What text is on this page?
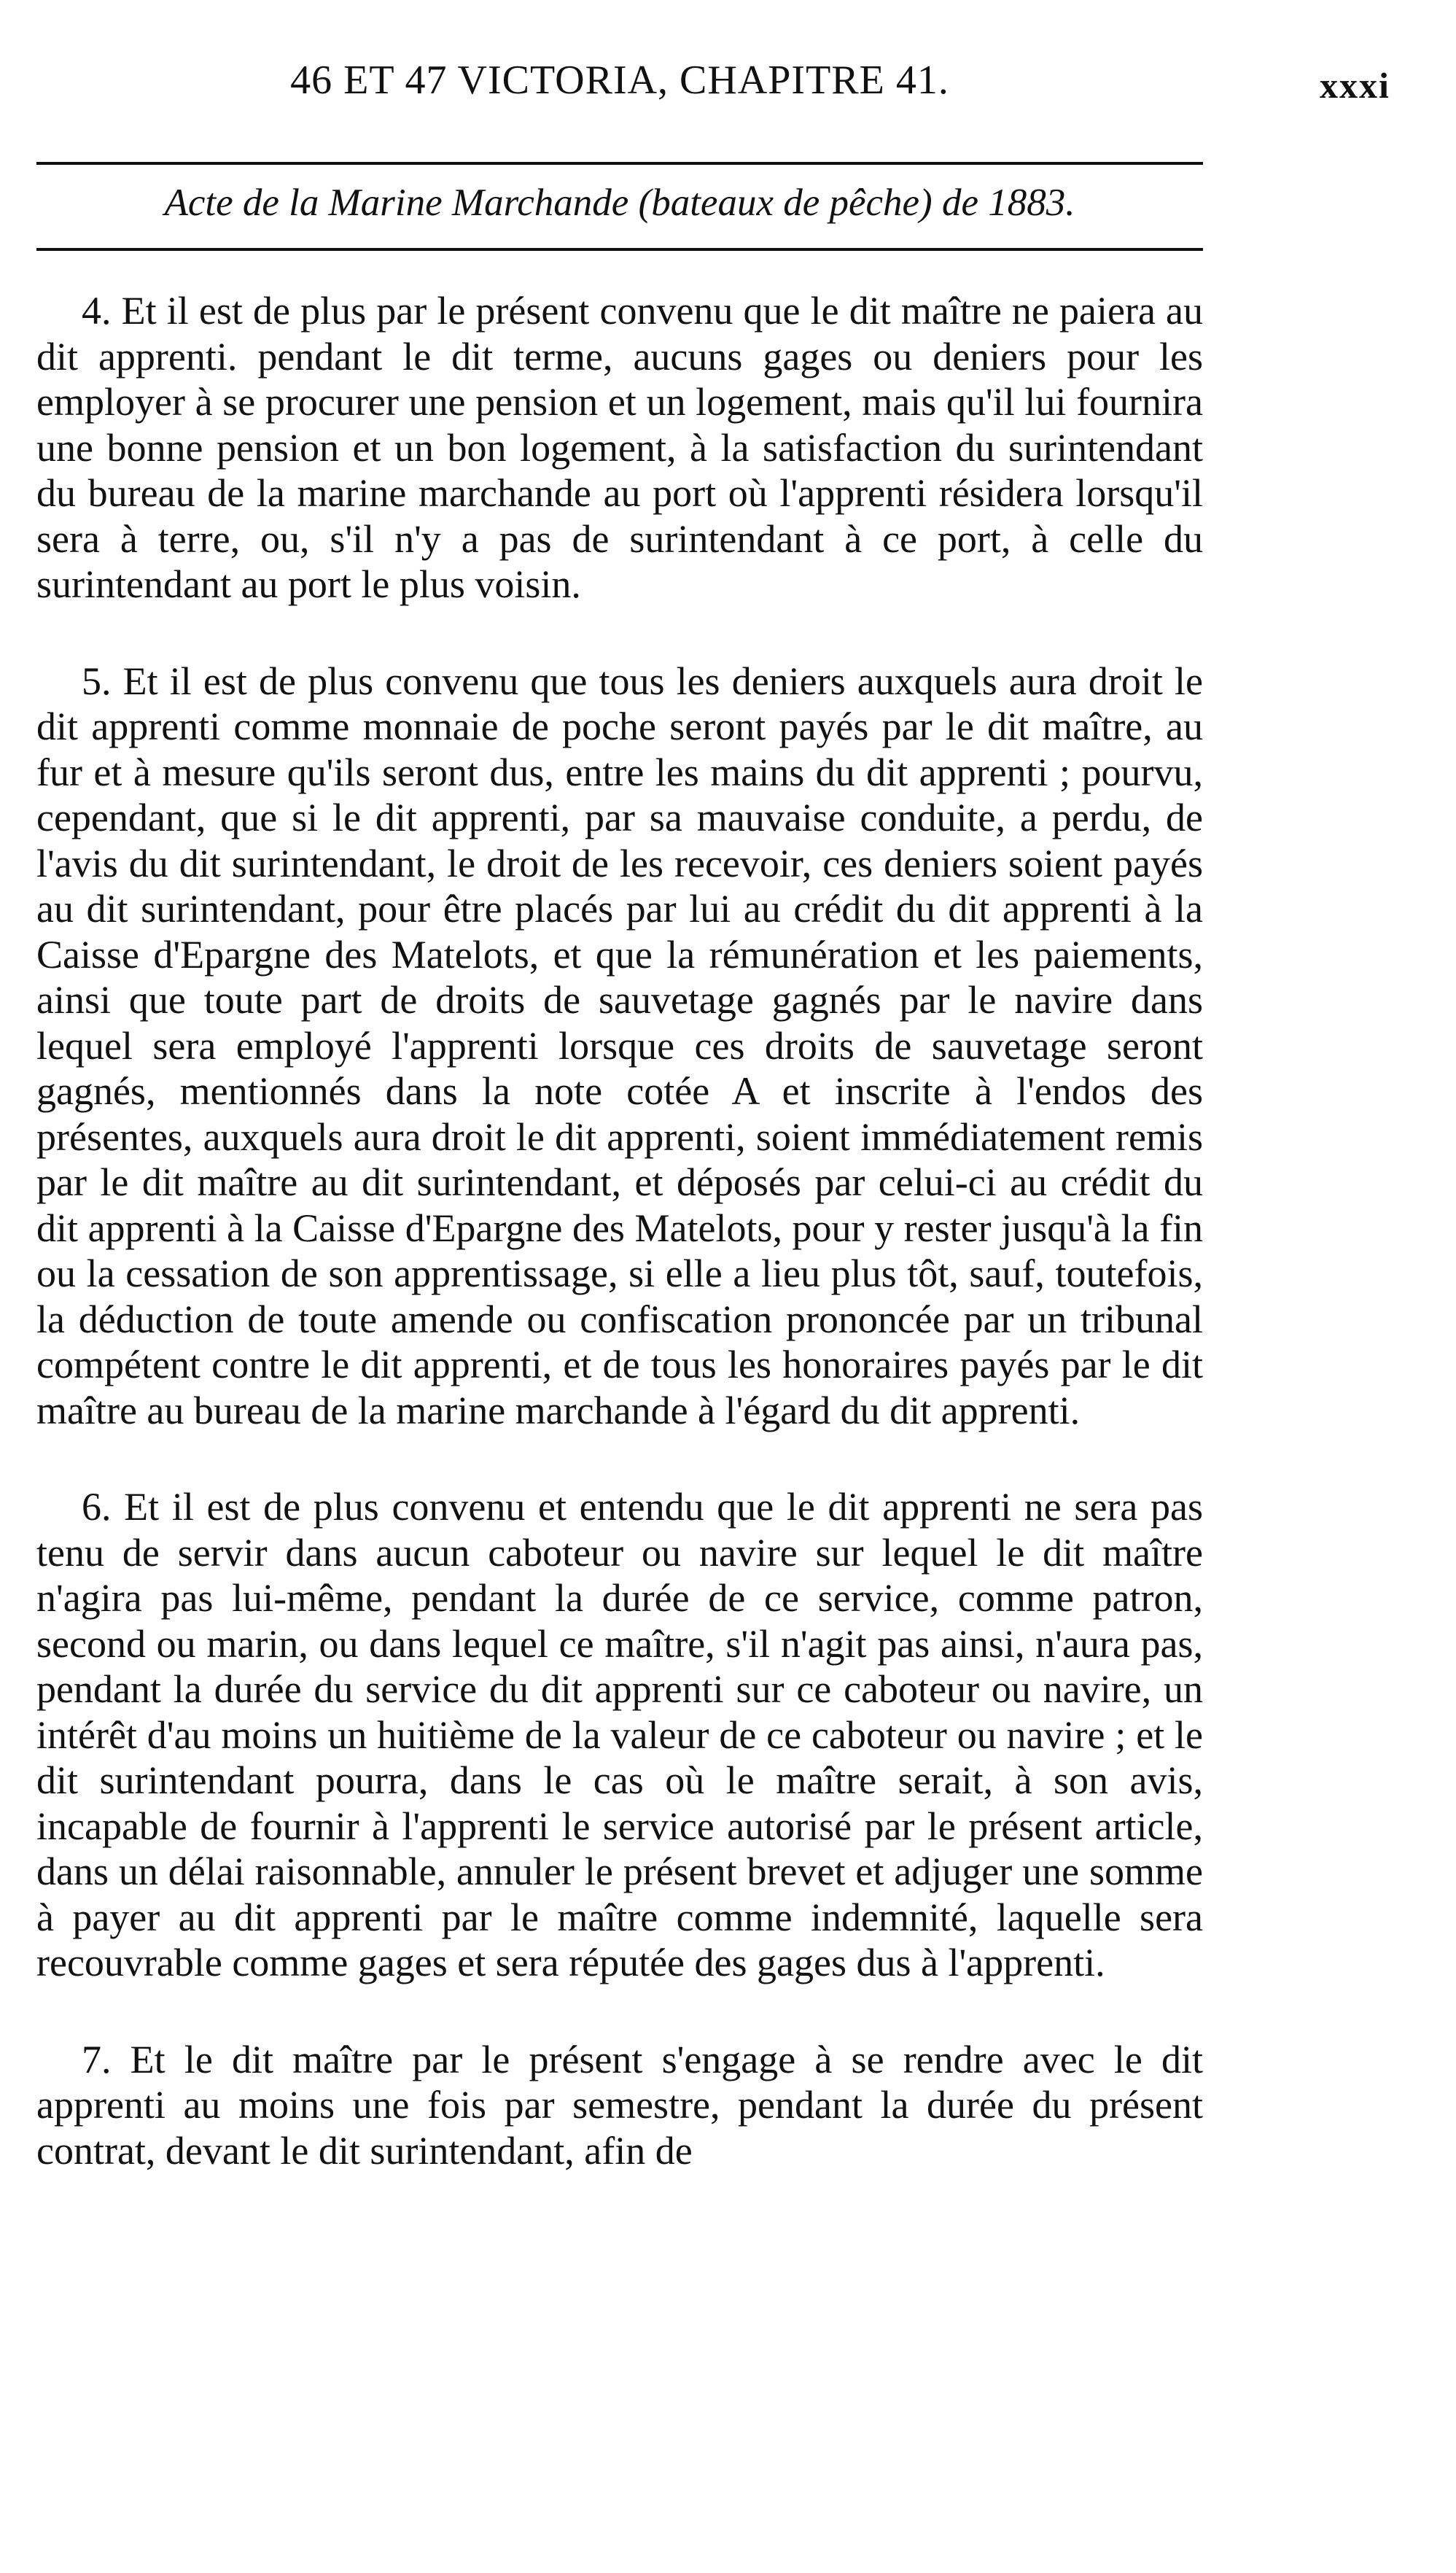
46 ET 47 VICTORIA, CHAPITRE 41.	xxxi
Acte de la Marine Marchande (bateaux de pêche) de 1883.

4. Et il est de plus par le présent convenu que le dit maître ne paiera au dit apprenti. pendant le dit terme, aucuns gages ou deniers pour les employer à se procurer une pension et un logement, mais qu'il lui fournira une bonne pension et un bon logement, à la satisfaction du surintendant du bureau de la marine marchande au port où l'apprenti résidera lorsqu'il sera à terre, ou, s'il n'y a pas de surintendant à ce port, à celle du surintendant au port le plus voisin.

5. Et il est de plus convenu que tous les deniers auxquels aura droit le dit apprenti comme monnaie de poche seront payés par le dit maître, au fur et à mesure qu'ils seront dus, entre les mains du dit apprenti ; pourvu, cependant, que si le dit apprenti, par sa mauvaise conduite, a perdu, de l'avis du dit surintendant, le droit de les recevoir, ces deniers soient payés au dit surintendant, pour être placés par lui au crédit du dit apprenti à la Caisse d'Epargne des Matelots, et que la rémunération et les paiements, ainsi que toute part de droits de sauvetage gagnés par le navire dans lequel sera employé l'apprenti lorsque ces droits de sauvetage seront gagnés, mentionnés dans la note cotée A et inscrite à l'endos des présentes, auxquels aura droit le dit apprenti, soient immédiatement remis par le dit maître au dit surintendant, et déposés par celui-ci au crédit du dit apprenti à la Caisse d'Epargne des Matelots, pour y rester jusqu'à la fin ou la cessation de son apprentissage, si elle a lieu plus tôt, sauf, toutefois, la déduction de toute amende ou confiscation prononcée par un tribunal compétent contre le dit apprenti, et de tous les honoraires payés par le dit maître au bureau de la marine marchande à l'égard du dit apprenti.

6. Et il est de plus convenu et entendu que le dit apprenti ne sera pas tenu de servir dans aucun caboteur ou navire sur lequel le dit maître n'agira pas lui-même, pendant la durée de ce service, comme patron, second ou marin, ou dans lequel ce maître, s'il n'agit pas ainsi, n'aura pas, pendant la durée du service du dit apprenti sur ce caboteur ou navire, un intérêt d'au moins un huitième de la valeur de ce caboteur ou navire ; et le dit surintendant pourra, dans le cas où le maître serait, à son avis, incapable de fournir à l'apprenti le service autorisé par le présent article, dans un délai raisonnable, annuler le présent brevet et adjuger une somme à payer au dit apprenti par le maître comme indemnité, laquelle sera recouvrable comme gages et sera réputée des gages dus à l'apprenti.

7. Et le dit maître par le présent s'engage à se rendre avec le dit apprenti au moins une fois par semestre, pendant la durée du présent contrat, devant le dit surintendant, afin de
